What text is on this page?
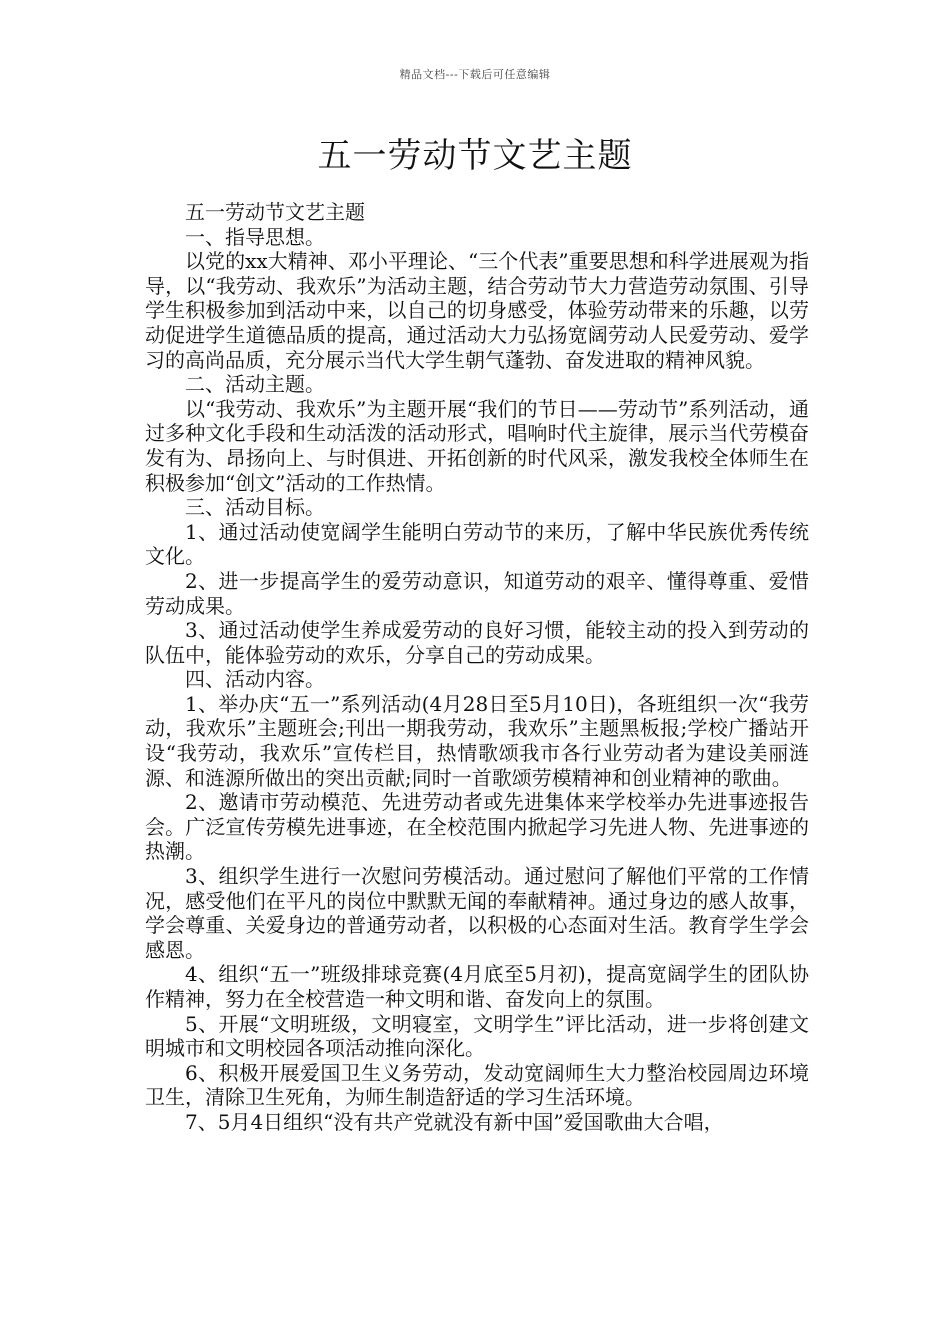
精品文档---下载后可任意编辑
五一劳动节文艺主题

五一劳动节文艺主题

一、指导思想。

以党的xx大精神、邓小平理论、“三个代表”重要思想和科学进展观为指导，以“我劳动、我欢乐”为活动主题，结合劳动节大力营造劳动氛围、引导学生积极参加到活动中来，以自己的切身感受，体验劳动带来的乐趣，以劳动促进学生道德品质的提高，通过活动大力弘扬宽阔劳动人民爱劳动、爱学习的高尚品质，充分展示当代大学生朝气蓬勃、奋发进取的精神风貌。

二、活动主题。

以“我劳动、我欢乐”为主题开展“我们的节日——劳动节”系列活动，通过多种文化手段和生动活泼的活动形式，唱响时代主旋律，展示当代劳模奋发有为、昂扬向上、与时俱进、开拓创新的时代风采，激发我校全体师生在积极参加“创文”活动的工作热情。

三、活动目标。

1、通过活动使宽阔学生能明白劳动节的来历，了解中华民族优秀传统文化。

2、进一步提高学生的爱劳动意识，知道劳动的艰辛、懂得尊重、爱惜劳动成果。

3、通过活动使学生养成爱劳动的良好习惯，能较主动的投入到劳动的队伍中，能体验劳动的欢乐，分享自己的劳动成果。

四、活动内容。

1、举办庆“五一”系列活动(4月28日至5月10日)，各班组织一次“我劳动，我欢乐”主题班会;刊出一期我劳动，我欢乐”主题黑板报;学校广播站开设“我劳动，我欢乐”宣传栏目，热情歌颂我市各行业劳动者为建设美丽涟源、和涟源所做出的突出贡献;同时一首歌颂劳模精神和创业精神的歌曲。

2、邀请市劳动模范、先进劳动者或先进集体来学校举办先进事迹报告会。广泛宣传劳模先进事迹，在全校范围内掀起学习先进人物、先进事迹的热潮。

3、组织学生进行一次慰问劳模活动。通过慰问了解他们平常的工作情况，感受他们在平凡的岗位中默默无闻的奉献精神。通过身边的感人故事，学会尊重、关爱身边的普通劳动者，以积极的心态面对生活。教育学生学会感恩。

4、组织“五一”班级排球竞赛(4月底至5月初)，提高宽阔学生的团队协作精神，努力在全校营造一种文明和谐、奋发向上的氛围。

5、开展“文明班级，文明寝室，文明学生”评比活动，进一步将创建文明城市和文明校园各项活动推向深化。

6、积极开展爱国卫生义务劳动，发动宽阔师生大力整治校园周边环境卫生，清除卫生死角，为师生制造舒适的学习生活环境。

7、5月4日组织“没有共产党就没有新中国”爱国歌曲大合唱，
